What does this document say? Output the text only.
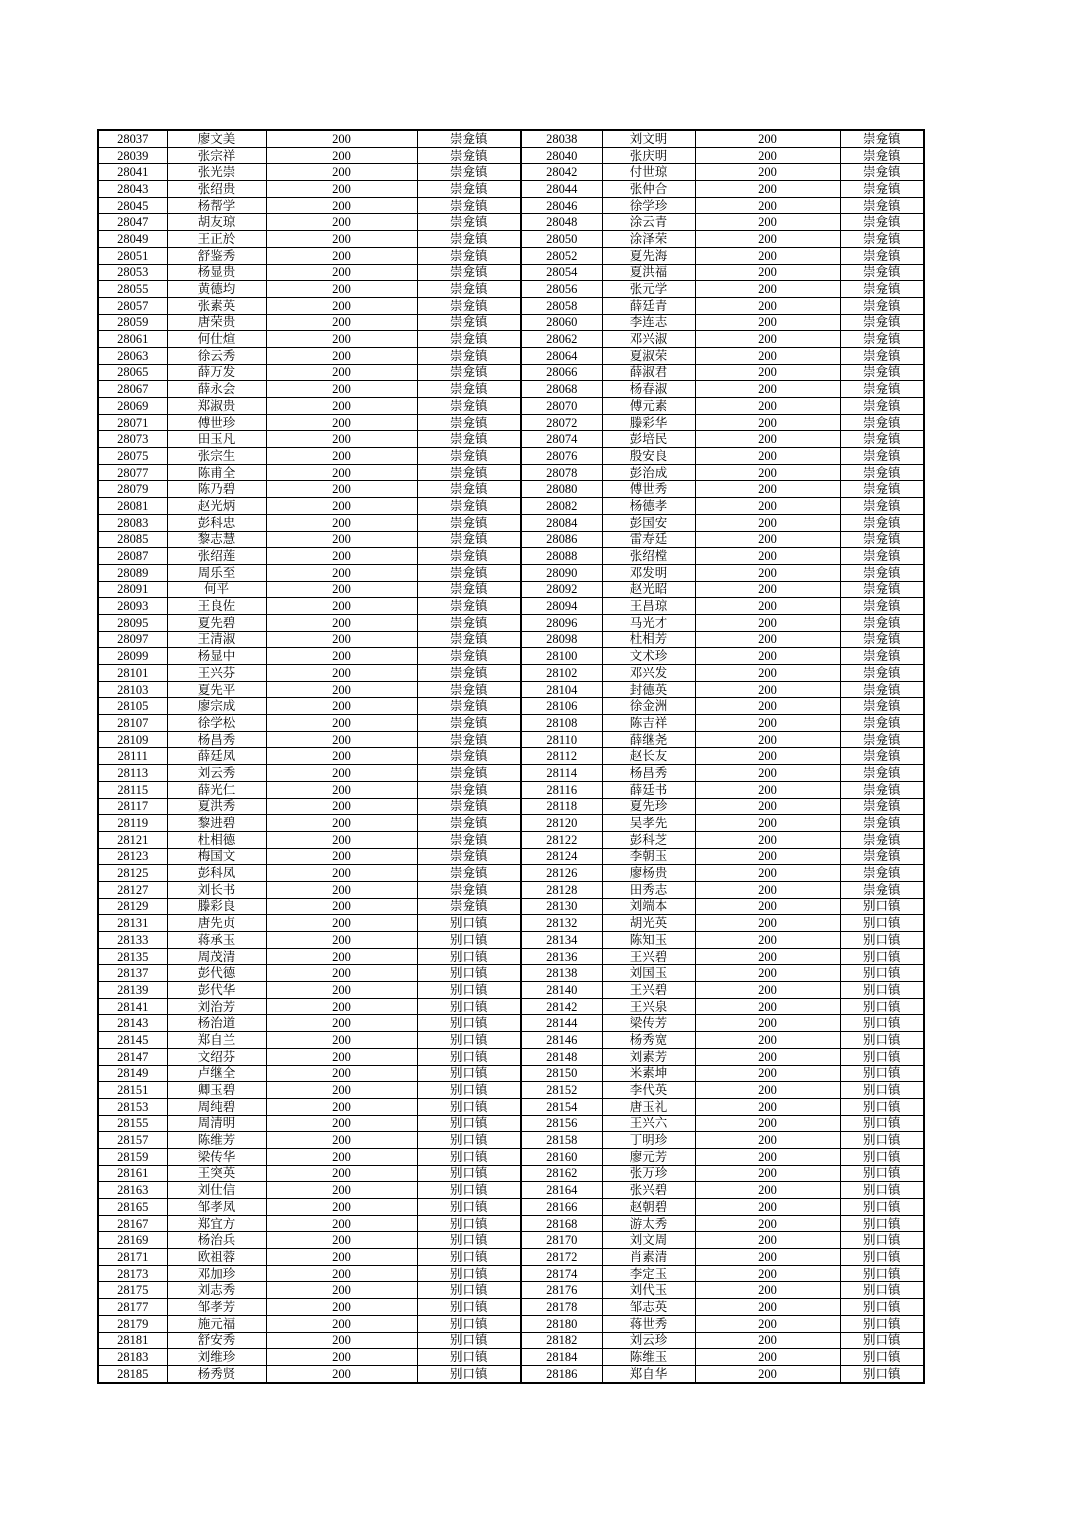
28037	廖文美	200	崇龛镇	28038	刘文明	200	崇龛镇
28039	张宗祥	200	崇龛镇	28040	张庆明	200	崇龛镇
28041	张光崇	200	崇龛镇	28042	付世琼	200	崇龛镇
28043	张绍贵	200	崇龛镇	28044	张仲合	200	崇龛镇
28045	杨帮学	200	崇龛镇	28046	徐学珍	200	崇龛镇
28047	胡友琼	200	崇龛镇	28048	涂云青	200	崇龛镇
28049	王正於	200	崇龛镇	28050	涂泽荣	200	崇龛镇
28051	舒鉴秀	200	崇龛镇	28052	夏先海	200	崇龛镇
28053	杨显贵	200	崇龛镇	28054	夏洪福	200	崇龛镇
28055	黄德均	200	崇龛镇	28056	张元学	200	崇龛镇
28057	张素英	200	崇龛镇	28058	薛廷青	200	崇龛镇
28059	唐荣贵	200	崇龛镇	28060	李连志	200	崇龛镇
28061	何仕煊	200	崇龛镇	28062	邓兴淑	200	崇龛镇
28063	徐云秀	200	崇龛镇	28064	夏淑荣	200	崇龛镇
28065	薛万发	200	崇龛镇	28066	薛淑君	200	崇龛镇
28067	薛永会	200	崇龛镇	28068	杨春淑	200	崇龛镇
28069	郑淑贵	200	崇龛镇	28070	傅元素	200	崇龛镇
28071	傅世珍	200	崇龛镇	28072	滕彩华	200	崇龛镇
28073	田玉凡	200	崇龛镇	28074	彭培民	200	崇龛镇
28075	张宗生	200	崇龛镇	28076	殷安良	200	崇龛镇
28077	陈甫全	200	崇龛镇	28078	彭治成	200	崇龛镇
28079	陈乃碧	200	崇龛镇	28080	傅世秀	200	崇龛镇
28081	赵光炳	200	崇龛镇	28082	杨德孝	200	崇龛镇
28083	彭科忠	200	崇龛镇	28084	彭国安	200	崇龛镇
28085	黎志慧	200	崇龛镇	28086	雷寿廷	200	崇龛镇
28087	张绍莲	200	崇龛镇	28088	张绍樘	200	崇龛镇
28089	周乐至	200	崇龛镇	28090	邓发明	200	崇龛镇
28091	何平	200	崇龛镇	28092	赵光昭	200	崇龛镇
28093	王良佐	200	崇龛镇	28094	王昌琼	200	崇龛镇
28095	夏先碧	200	崇龛镇	28096	马光才	200	崇龛镇
28097	王清淑	200	崇龛镇	28098	杜相芳	200	崇龛镇
28099	杨显中	200	崇龛镇	28100	文术珍	200	崇龛镇
28101	王兴芬	200	崇龛镇	28102	邓兴发	200	崇龛镇
28103	夏先平	200	崇龛镇	28104	封德英	200	崇龛镇
28105	廖宗成	200	崇龛镇	28106	徐金洲	200	崇龛镇
28107	徐学松	200	崇龛镇	28108	陈吉祥	200	崇龛镇
28109	杨昌秀	200	崇龛镇	28110	薛继尧	200	崇龛镇
28111	薛廷凤	200	崇龛镇	28112	赵长友	200	崇龛镇
28113	刘云秀	200	崇龛镇	28114	杨昌秀	200	崇龛镇
28115	薛光仁	200	崇龛镇	28116	薛廷书	200	崇龛镇
28117	夏洪秀	200	崇龛镇	28118	夏先珍	200	崇龛镇
28119	黎进碧	200	崇龛镇	28120	吴孝先	200	崇龛镇
28121	杜相德	200	崇龛镇	28122	彭科芝	200	崇龛镇
28123	梅国文	200	崇龛镇	28124	李朝玉	200	崇龛镇
28125	彭科凤	200	崇龛镇	28126	廖杨贵	200	崇龛镇
28127	刘长书	200	崇龛镇	28128	田秀志	200	崇龛镇
28129	滕彩良	200	崇龛镇	28130	刘端本	200	别口镇
28131	唐先贞	200	别口镇	28132	胡光英	200	别口镇
28133	蒋承玉	200	别口镇	28134	陈知玉	200	别口镇
28135	周茂清	200	别口镇	28136	王兴碧	200	别口镇
28137	彭代德	200	别口镇	28138	刘国玉	200	别口镇
28139	彭代华	200	别口镇	28140	王兴碧	200	别口镇
28141	刘治芳	200	别口镇	28142	王兴泉	200	别口镇
28143	杨治道	200	别口镇	28144	梁传芳	200	别口镇
28145	郑自兰	200	别口镇	28146	杨秀宽	200	别口镇
28147	文绍芬	200	别口镇	28148	刘素芳	200	别口镇
28149	卢继全	200	别口镇	28150	米素坤	200	别口镇
28151	卿玉碧	200	别口镇	28152	李代英	200	别口镇
28153	周纯碧	200	别口镇	28154	唐玉礼	200	别口镇
28155	周清明	200	别口镇	28156	王兴六	200	别口镇
28157	陈维芳	200	别口镇	28158	丁明珍	200	别口镇
28159	梁传华	200	别口镇	28160	廖元芳	200	别口镇
28161	王突英	200	别口镇	28162	张万珍	200	别口镇
28163	刘仕信	200	别口镇	28164	张兴碧	200	别口镇
28165	邹孝凤	200	别口镇	28166	赵朝碧	200	别口镇
28167	郑宜方	200	别口镇	28168	游太秀	200	别口镇
28169	杨治兵	200	别口镇	28170	刘文周	200	别口镇
28171	欧祖蓉	200	别口镇	28172	肖素清	200	别口镇
28173	邓加珍	200	别口镇	28174	李定玉	200	别口镇
28175	刘志秀	200	别口镇	28176	刘代玉	200	别口镇
28177	邹孝芳	200	别口镇	28178	邹志英	200	别口镇
28179	施元福	200	别口镇	28180	蒋世秀	200	别口镇
28181	舒安秀	200	别口镇	28182	刘云珍	200	别口镇
28183	刘维珍	200	别口镇	28184	陈维玉	200	别口镇
28185	杨秀贤	200	别口镇	28186	郑自华	200	别口镇
